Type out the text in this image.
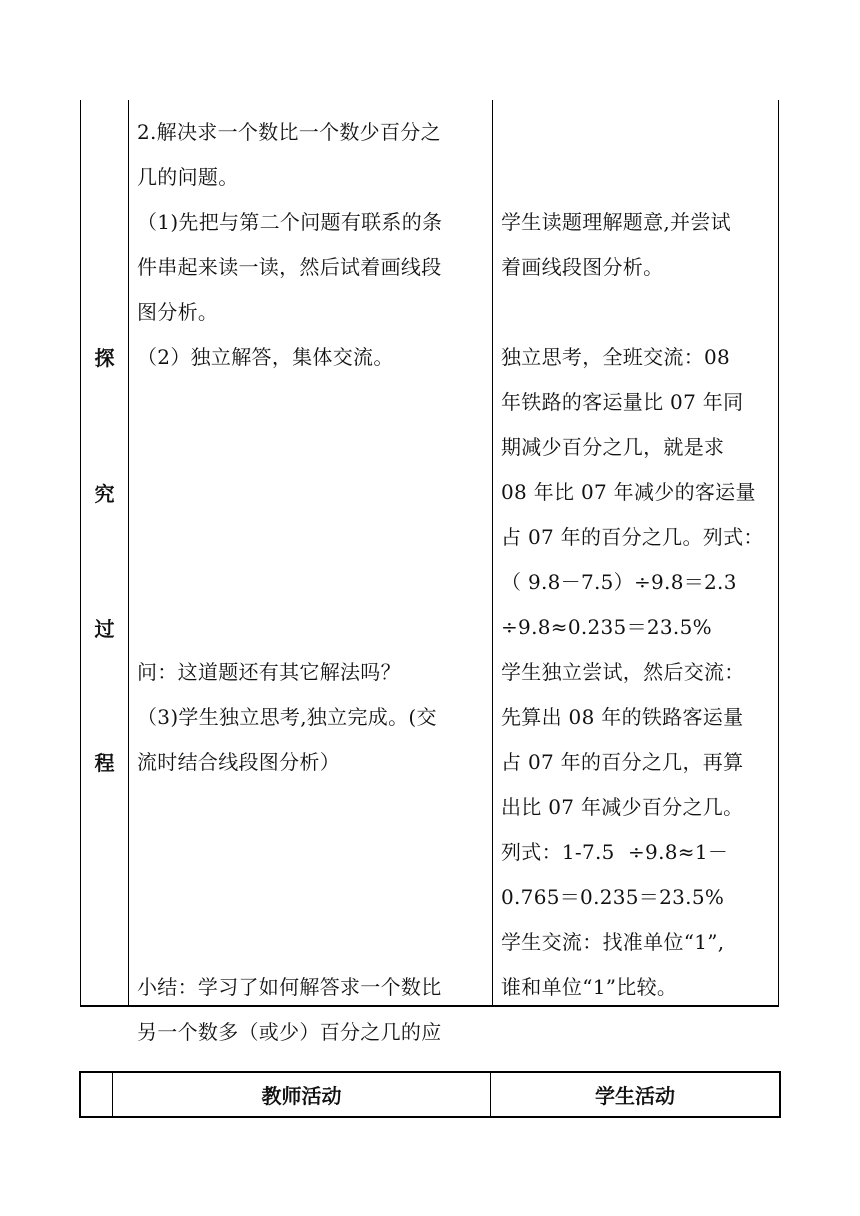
探
究
过
程

2.解决求一个数比一个数少百分之

几的问题。

（1)先把与第二个问题有联系的条

件串起来读一读，然后试着画线段

图分析。

（2）独立解答，集体交流。

问：这道题还有其它解法吗？

（3)学生独立思考,独立完成。(交

流时结合线段图分析）

小结：学习了如何解答求一个数比

另一个数多（或少）百分之几的应

学生读题理解题意,并尝试

着画线段图分析。

独立思考，全班交流：08

年铁路的客运量比 07 年同

期减少百分之几，就是求

08 年比 07 年减少的客运量

占 07 年的百分之几。列式：

（ 9.8－7.5）÷9.8＝2.3

÷9.8≈0.235＝23.5%

学生独立尝试，然后交流：

先算出 08 年的铁路客运量

占 07 年的百分之几，再算

出比 07 年减少百分之几。

列式：1-7.5  ÷9.8≈1－

0.765＝0.235＝23.5%

学生交流：找准单位“1”,

谁和单位“1”比较。

教师活动	学生活动
